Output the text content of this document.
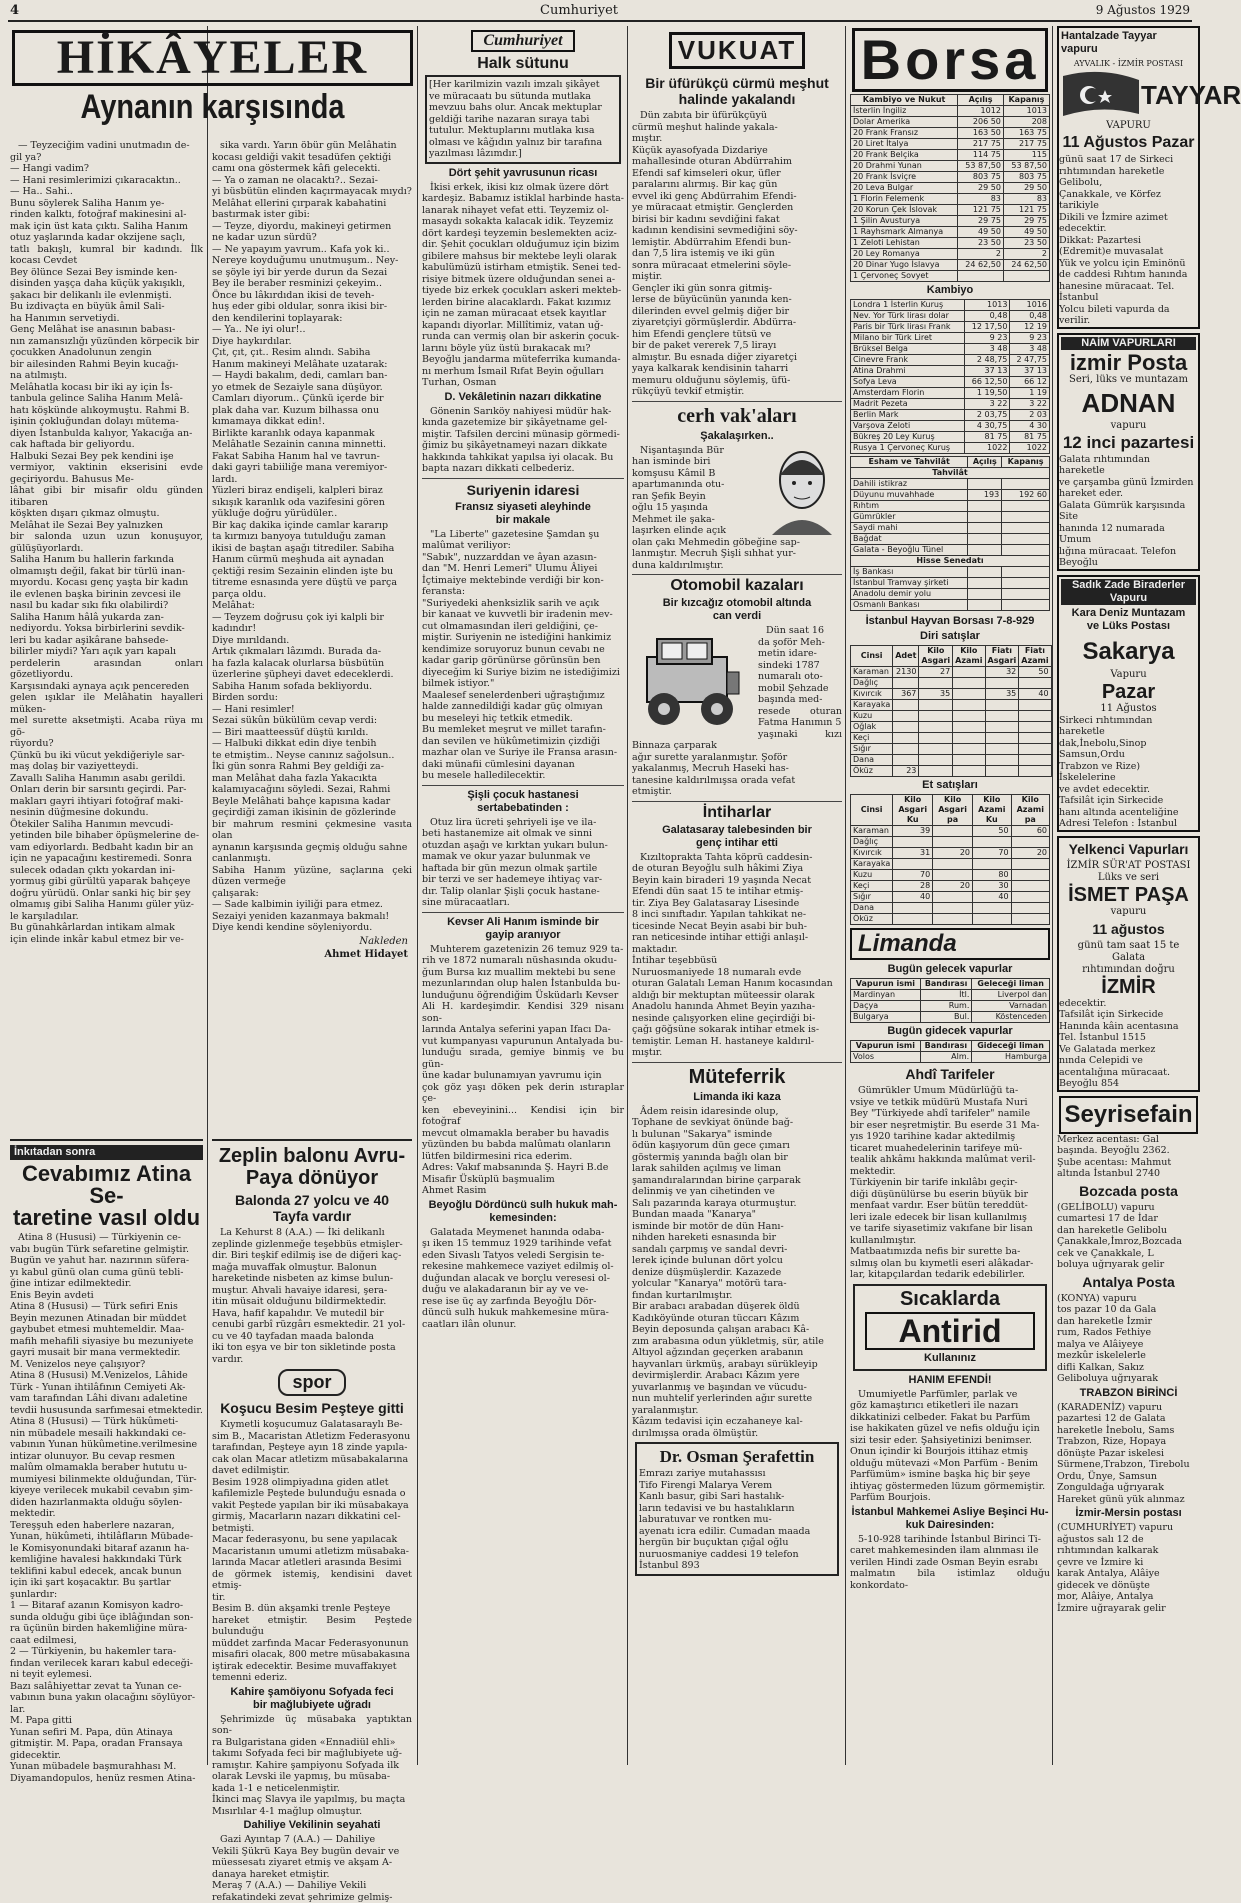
4	Cumhuriyet	9 Ağustos 1929
HİKÂYELER
Aynanın karşısında

— Teyzeciğim vadini unutmadın de-
gil ya?
— Hangi vadim?
— Hani resimlerimizi çıkaracaktın..
— Ha.. Sahi..
Bunu söylerek Saliha Hanım ye-
rinden kalktı, fotoğraf makinesini al-
mak için üst kata çıktı. Saliha Hanım
otuz yaşlarında kadar okzijene saçlı,
tatlı bakışlı, kumral bir kadındı. İlk kocası Cevdet
Bey ölünce Sezai Bey isminde ken-
disinden yaşça daha küçük yakışıklı,
şakacı bir delikanlı ile evlenmişti.
Bu izdivaçta en büyük âmil Sali-
ha Hanımın servetiydi.
Genç Melâhat ise anasının babası-
nın zamansızlığı yüzünden körpecik bir
çocukken Anadolunun zengin
bir ailesinden Rahmi Beyin kucağı-
na atılmıştı.
Melâhatla kocası bir iki ay için İs-
tanbula gelince Saliha Hanım Melâ-
hatı köşkünde alıkoymuştu. Rahmi B.
işinin çokluğundan dolayı mütema-
diyen İstanbulda kalıyor, Yakacığa an-
cak haftada bir geliyordu.
Halbuki Sezai Bey pek kendini işe
vermiyor, vaktinin ekserisini evde geçiriyordu. Bahusus Me-
lâhat gibi bir misafir oldu günden itibaren
köşkten dışarı çıkmaz olmuştu.
Melâhat ile Sezai Bey yalnızken
bir salonda uzun uzun konuşuyor, gülüşüyorlardı.
Saliha Hanım bu hallerin farkında
olmamıştı değil, fakat bir türlü inan-
mıyordu. Kocası genç yaşta bir kadın
ile evlenen başka birinin zevcesi ile
nasıl bu kadar sıkı fıkı olabilirdi?
Saliha Hanım hâlâ yukarda zan-
nediyordu. Yoksa birbirlerini sevdik-
leri bu kadar aşikârane bahsede-
bilirler miydi? Yarı açık yarı kapalı
perdelerin arasından onları gözetliyordu.
Karşısındaki aynaya açık pencereden
gelen ışıklar ile Melâhatin hayalleri müken-
mel surette aksetmişti. Acaba rüya mı gö-
rüyordu?
Çünkü bu iki vücut yekdiğeriyle sar-
maş dolaş bir vaziyetteydi.
Zavallı Saliha Hanımın asabı gerildi.
Onları derin bir sarsıntı geçirdi. Par-
makları gayri ihtiyari fotoğraf maki-
nesinin düğmesine dokundu.
Ötekiler Saliha Hanımın mevcudi-
yetinden bile bihaber öpüşmelerine de-
vam ediyorlardı. Bedbaht kadın bir an
için ne yapacağını kestiremedi. Sonra
sulecek odadan çıktı yokardan ini-
yormuş gibi gürültü yaparak bahçeye
doğru yürüdü. Onlar sanki hiç bir şey
olmamış gibi Saliha Hanımı güler yüz-
le karşıladılar.
Bu günahkârlardan intikam almak
için elinde inkâr kabul etmez bir ve-

sika vardı. Yarın öbür gün Melâhatin
kocası geldiği vakit tesadüfen çektiği
camı ona göstermek kâfi gelecekti.
— Ya o zaman ne olacaktı?.. Sezai-
yi büsbütün elinden kaçırmayacak mıydı?
Melâhat ellerini çırparak kabahatini
bastırmak ister gibi:
— Teyze, diyordu, makineyi getirmen
ne kadar uzun sürdü?
— Ne yapayım yavrum.. Kafa yok ki..
Nereye koyduğumu unutmuşum.. Ney-
se şöyle iyi bir yerde durun da Sezai
Bey ile beraber resminizi çekeyim..
Önce bu lâkırdıdan ikisi de teveh-
huş eder gibi oldular, sonra ikisi bir-
den kendilerini toplayarak:
— Ya.. Ne iyi olur!..
Diye haykırdılar.
Çıt, çıt, çıt.. Resim alındı. Sabiha
Hanım makineyi Melâhate uzatarak:
— Haydi bakalım, dedi, camları ban-
yo etmek de Sezaiyle sana düşüyor.
Camları diyorum.. Çünkü içerde bir
plak daha var. Kuzum bilhassa onu
kımamaya dikkat edin!.
Birlikte karanlık odaya kapanmak
Melâhatle Sezainin canına minnetti.
Fakat Sabiha Hanım hal ve tavrun-
daki gayri tabiiliğe mana veremiyor-
lardı.
Yüzleri biraz endişeli, kalpleri biraz
sıkışık karanlık oda vazifesini gören
yükluğe doğru yürüdüler..
Bir kaç dakika içinde camlar kararıp
ta kırmızı banyoya tutulduğu zaman
ikisi de baştan aşağı titrediler. Sabiha
Hanım cürmü meşhuda ait aynadan
çektiği resim Sezainin elinden işte bu
titreme esnasında yere düştü ve parça
parça oldu.
Melâhat:
— Teyzem doğrusu çok iyi kalpli bir
kadındır!
Diye mırıldandı.
Artık çıkmaları lâzımdı. Burada da-
ha fazla kalacak olurlarsa büsbütün
üzerlerine şüpheyi davet edeceklerdi.
Sabiha Hanım sofada bekliyordu.
Birden sordu:
— Hani resimler!
Sezai sükûn bükülüm cevap verdi:
— Biri maatteessüf düştü kırıldı.
— Halbuki dikkat edin diye tenbih
te etmiştim.. Neyse canınız sağolsun..
İki gün sonra Rahmi Bey geldiği za-
man Melâhat daha fazla Yakacıkta
kalamıyacağını söyledi. Sezai, Rahmi
Beyle Melâhati bahçe kapısına kadar
geçirdiği zaman ikisinin de gözlerinde
bir mahrum resmini çekmesine vasıta olan
aynanın karşısında geçmiş olduğu sahne
canlanmıştı.
Sabiha Hanım yüzüne, saçlarına çeki düzen vermeğe
çalışarak:
— Sade kalbimin iyiliği para etmez.
Sezaiyi yeniden kazanmaya bakmalı!
Diye kendi kendine söyleniyordu.

Nakleden
Ahmet Hidayet
İnkıtadan sonra
Cevabımız Atina Se-
taretine vasıl oldu

Atina 8 (Hususi) — Türkiyenin ce-
vabı bugün Türk sefaretine gelmiştir.
Bugün ve yahut har. nazırının süfera-
yı kabul günü olan cuma günü tebli-
ğine intizar edilmektedir.
Enis Beyin avdeti
Atina 8 (Hususi) — Türk sefiri Enis
Beyin mezunen Atinadan bir müddet
gaybubet etmesi muhtemeldir. Maa-
mafih mehafili siyasiye bu mezuniyete
gayri musait bir mana vermektedir.
M. Venizelos neye çalışıyor?
Atina 8 (Hususi) M.Venizelos, Lâhide
Türk - Yunan ihtilâfının Cemiyeti Ak-
vam tarafından Lâhi divanı adaletine
tevdii hususunda sarfımesai etmektedir.
Atina 8 (Hususi) — Türk hükûmeti-
nin mübadele mesaili hakkındaki ce-
vabının Yunan hükûmetine.verilmesine
intizar olunuyor. Bu cevap resmen
malûm olmamakla beraber hututu u-
mumiyesi bilinmekte olduğundan, Tür-
kiyeye verilecek mukabil cevabın şim-
diden hazırlanmakta olduğu söylen-
mektedir.
Tereşşuh eden haberlere nazaran,
Yunan, hükûmeti, ihtilâfların Mübade-
le Komisyonundaki bitaraf azanın ha-
kemliğine havalesi hakkındaki Türk
teklifini kabul edecek, ancak bunun
için iki şart koşacaktır. Bu şartlar
şunlardır:
1 — Bitaraf azanın Komisyon kadro-
sunda olduğu gibi üçe iblâğından son-
ra üçünün birden hakemliğine müra-
caat edilmesi,
2 — Türkiyenin, bu hakemler tara-
fından verilecek kararı kabul edeceği-
ni teyit eylemesi.
Bazı salâhiyettar zevat ta Yunan ce-
vabının buna yakın olacağını söylüyor-
lar.
M. Papa gitti
Yunan sefiri M. Papa, dün Atinaya
gitmiştir. M. Papa, oradan Fransaya
gidecektir.
Yunan mübadele başmurahhası M.
Diyamandopulos, henüz resmen Atina-

Zeplin balonu Avru-
Paya dönüyor
Balonda 27 yolcu ve 40
Tayfa vardır

La Kehurst 8 (A.A.) — İki delikanlı
zeplinde gizlenmeğe teşebbüs etmişler-
dir. Biri teşkif edilmiş ise de diğeri kaç-
mağa muvaffak olmuştur. Balonun
hareketinde nisbeten az kimse bulun-
muştur. Ahvali havaiye idaresi, şera-
itin müsait olduğunu bildirmektedir.
Hava, hafif kapalıdır. Ve mutedil bir
cenubi garbî rüzgârı esmektedir. 21 yol-
cu ve 40 tayfadan maada balonda
iki ton eşya ve bir ton sikletinde posta
vardır.

spor
Koşucu Besim Peşteye gitti

Kıymetli koşucumuz Galatasaraylı Be-
sim B., Macaristan Atletizm Federasyonu
tarafından, Peşteye ayın 18 zinde yapıla-
cak olan Macar atletizm müsabakalarına
davet edilmiştir.
Besim 1928 olimpiyadına giden atlet
kafilemizle Peştede bulunduğu esnada o
vakit Peştede yapılan bir iki müsabakaya
girmiş, Macarların nazarı dikkatini cel-
betmişti.
Macar federasyonu, bu sene yapılacak
Macaristanın umumi atletizm müsabaka-
larında Macar atletleri arasında Besimi
de görmek istemiş, kendisini davet etmiş-
tir.
Besim B. dün akşamki trenle Peşteye
hareket etmiştir. Besim Peştede bulunduğu
müddet zarfında Macar Federasyonunun
misafiri olacak, 800 metre müsabakasına
iştirak edecektir. Besime muvaffakıyet
temenni ederiz.

Kahire şamöiyonu Sofyada feci
bir mağlubiyete uğradı

Şehrimizde üç müsabaka yaptıktan son-
ra Bulgaristana giden «Ennadiül ehli»
takımı Sofyada feci bir mağlubiyete uğ-
ramıştır. Kahire şampiyonu Sofyada ilk
olarak Levski ile yapmış, bu müsaba-
kada 1-1 e neticelenmiştir.
İkinci maç Slavya ile yapılmış, bu maçta
Mısırlılar 4-1 mağlup olmuştur.

Dahiliye Vekilinin seyahati

Gazi Ayıntap 7 (A.A.) — Dahiliye
Vekili Şükrü Kaya Bey bugün devair ve
müessesatı ziyaret etmiş ve akşam A-
danaya hareket etmiştir.
Meraş 7 (A.A.) — Dahiliye Vekili
refakatindeki zevat şehrimize gelmiş-

Cumhuriyet
Halk sütunu

[Her karilmizin vazılı imzalı şikâyet
ve müracaatı bu sütunda mutlaka
mevzuu bahs olur. Ancak mektuplar
geldiği tarihe nazaran sıraya tabi
tutulur. Mektuplarını mutlaka kısa
olması ve kâğıdın yalnız bir tarafına
yazılması lâzımdır.]

Dört şehit yavrusunun ricası

İkisi erkek, ikisi kız olmak üzere dört
kardeşiz. Babamız istiklal harbinde hasta-
lanarak nihayet vefat etti. Teyzemiz ol-
masaydı sokakta kalacak idik. Teyzemiz
dört kardeşi teyzemin beslemekten aciz-
dir. Şehit çocukları olduğumuz için bizim
gibilere mahsus bir mektebe leyli olarak
kabulümüzü istirham etmiştik. Senei ted-
risiye bitmek üzere olduğundan senei a-
tiyede biz erkek çocukları askeri mekteb-
lerden birine alacaklardı. Fakat kızımız
için ne zaman müracaat etsek kayıtlar
kapandı diyorlar. Millîtimiz, vatan uğ-
runda can vermiş olan bir askerin çocuk-
larını böyle yüz üstü bırakacak mı?
Beyoğlu jandarma müteferrika kumanda-
nı merhum İsmail Rıfat Beyin oğulları
Turhan, Osman

D. Vekâletinin nazarı dikkatine

Gönenin Sarıköy nahiyesi müdür hak-
kında gazetemize bir şikâyetname gel-
miştir. Tafsilen dercini münasip görmedi-
ğimiz bu şikâyetnameyi nazarı dikkate
hakkında tahkikat yapılsa iyi olacak. Bu
bapta nazarı dikkati celbederiz.

Suriyenin idaresi
Fransız siyaseti aleyhinde
bir makale

"La Liberte" gazetesine Şamdan şu
malûmat veriliyor:
"Sabık", nuzzarddan ve âyan azasın-
dan "M. Henri Lemeri" Ulumu Âliyei
İçtimaiye mektebinde verdiği bir kon-
feransta:
"Suriyedeki ahenksizlik sarih ve açık
bir kanaat ve kuvvetli bir iradenin mev-
cut olmamasından ileri geldiğini, çe-
miştir. Suriyenin ne istediğini hankimiz
kendimize soruyoruz bunun cevabı ne
kadar garip görünürse görünsün ben
diyeceğim ki Suriye bizim ne istediğimizi
bilmek istiyor."
Maalesef senelerdenberi uğraştığımız
halde zannedildiği kadar güç olmıyan
bu meseleyi hiç tetkik etmedik.
Bu memleket meşrut ve millet tarafın-
dan sevilen ve hükûmetimizin çizdiği
mazhar olan ve Suriye ile Fransa arasın-
daki münafii cümlesini dayanan
bu mesele halledilecektir.

Şişli çocuk hastanesi
sertabebatinden :

Otuz lira ücreti şehriyeli işe ve ila-
beti hastanemize ait olmak ve sinni
otuzdan aşağı ve kırktan yukarı bulun-
mamak ve okur yazar bulunmak ve
haftada bir gün mezun olmak şartile
bir terzi ve ser hademeye ihtiyaç var-
dır. Talip olanlar Şişli çocuk hastane-
sine müracaatları.

Kevser Ali Hanım isminde bir
gayip aranıyor

Muhterem gazetenizin 26 temuz 929 ta-
rih ve 1872 numaralı nüshasında okudu-
ğum Bursa kız muallim mektebi bu sene
mezunlarından olup halen İstanbulda bu-
lunduğunu öğrendiğim Üsküdarlı Kevser
Ali H. kardeşimdir. Kendisi 329 nisanı son-
larında Antalya seferini yapan Ifacı Da-
vut kumpanyası vapurunun Antalyada bu-
lunduğu sırada, gemiye binmiş ve bu gün-
üne kadar bulunamıyan yavrumu için
çok göz yaşı döken pek derin ıstıraplar çe-
ken ebeveyinini... Kendisi için bir fotoğraf
mevcut olmamakla beraber bu havadis
yüzünden bu babda malûmatı olanların
lütfen bildirmesini rica ederim.
Adres: Vakıf mabsanında Ş. Hayri B.de
Misafir Üsküplü başmualim
Ahmet Rasim

Beyoğlu Dördüncü sulh hukuk mah-
kemesinden:

Galatada Meymenet hanında odaba-
şı iken 15 temmuz 1929 tarihinde vefat
eden Sivaslı Tatyos veledi Sergisin te-
rekesine mahkemece vaziyet edilmiş ol-
duğundan alacak ve borçlu veresesi ol-
duğu ve alakadaranın bir ay ve ve-
rese ise üç ay zarfında Beyoğlu Dör-
düncü sulh hukuk mahkemesine müra-
caatları ilân olunur.

VUKUAT
Bir üfürükçü cürmü meşhut
halinde yakalandı

Dün zabıta bir üfürükçüyü
cürmü meşhut halinde yakala-
mıştır.
Küçük ayasofyada Dizdariye
mahallesinde oturan Abdürrahim
Efendi saf kimseleri okur, üfler
paralarını alırmış. Bir kaç gün
evvel iki genç Abdürrahim Efendi-
ye müracaat etmiştir. Gençlerden
birisi bir kadını sevdiğini fakat
kadının kendisini sevmediğini söy-
lemiştir. Abdürrahim Efendi bun-
dan 7,5 lira istemiş ve iki gün
sonra müracaat etmelerini söyle-
miştir.
Gençler iki gün sonra gitmiş-
lerse de büyücünün yanında ken-
dilerinden evvel gelmiş diğer bir
ziyaretçiyi görmüşlerdir. Abdürra-
him Efendi gençlere tütsü ve
bir de paket vererek 7,5 lirayı
almıştır. Bu esnada diğer ziyaretçi
yaya kalkarak kendisinin taharri
memuru olduğunu söylemiş, üfü-
rükçüyü tevkif etmiştir.

cerh vak'aları
Şakalaşırken..

Nişantaşında Bür
han isminde biri
komşusu Kâmil B
apartımanında otu-
ran Şefik Beyin
oğlu 15 yaşında
Mehmet ile şaka-
laşırken elinde açık
olan çakı Mehmedin göbeğine sap-
lanmıştır. Mecruh Şişli sıhhat yur-
duna kaldırılmıştır.

Otomobil kazaları
Bir kızcağız otomobil altında
can verdi

Dün saat 16
da şoför Meh-
metin idare-
sindeki 1787
numaralı oto-
mobil Şehzade
başında med-
resede oturan Fatma Hanımın 5
yaşınaki kızı Binnaza çarparak
ağır surette yaralanmıştır. Şoför
yakalanmış, Mecruh Haseki has-
tanesine kaldırılmışsa orada vefat
etmiştir.

İntiharlar
Galatasaray talebesinden bir
genç intihar etti

Kızıltoprakta Tahta köprü caddesin-
de oturan Beyoğlu sulh hâkimi Ziya
Beyin kain biraderi 19 yaşında Necat
Efendi dün saat 15 te intihar etmiş-
tir. Ziya Bey Galatasaray Lisesinde
8 inci sınıftadır. Yapılan tahkikat ne-
ticesinde Necat Beyin asabi bir buh-
ran neticesinde intihar ettiği anlaşıl-
maktadır.
İntihar teşebbüsü
Nuruosmaniyede 18 numaralı evde
oturan Galatalı Leman Hanım kocasından
aldığı bir mektuptan müteessir olarak
Anadolu hanında Ahmet Beyin yazıha-
nesinde çalışyorken eline geçirdiği bi-
çağı göğsüne sokarak intihar etmek is-
temiştir. Leman H. hastaneye kaldırıl-
mıştır.

Müteferrik
Limanda iki kaza

Âdem reisin idaresinde olup,
Tophane de sevkiyat önünde bağ-
lı bulunan "Sakarya" isminde
ödün kaşıyorum dün gece çımarı
göstermiş yanında bağlı olan bir
larak sahilden açılmış ve liman
şamandıralarından birine çarparak
delinmiş ve yan cihetinden ve
Salı pazarında karaya oturmuştur.
Bundan maada "Kanarya"
isminde bir motör de dün Hanı-
nihden hareketi esnasında bir
sandalı çarpmış ve sandal devri-
lerek içinde bulunan dört yolcu
denize düşmüşlerdir. Kazazede
yolcular "Kanarya" motörü tara-
fından kurtarılmıştır.
Bir arabacı arabadan düşerek öldü
Kadıköyünde oturan tüccarı Kâzım
Beyin deposunda çalışan arabacı Kâ-
zım arabasına odun yükletmiş, sür, atile
Altıyol ağzından geçerken arabanın
hayvanları ürkmüş, arabayı sürükleyip
devirmişlerdir. Arabacı Kâzım yere
yuvarlanmış ve başından ve vücudu-
nun muhtelif yerlerinden ağır surette
yaralanmıştır.
Kâzım tedavisi için eczahaneye kal-
dırılmışsa orada ölmüştür.

Dr. Osman Şerafettin

Emrazı zariye mutahassısı
Tifo Firengi Malarya Verem
Kanlı basur, gibi Sari hastalık-
ların tedavisi ve bu hastalıkların
laburatuvar ve rontken mu-
ayenatı icra edilir. Cumadan maada
hergün bir buçuktan çığal oğlu
nuruosmaniye caddesi 19 telefon
İstanbul 893

Borsa
Kambiyo ve Nukut	Açılış	Kapanış
İsterlin İngiliz	1012	1013
Dolar Amerika	206 50	208
20 Frank Fransız	163 50	163 75
20 Liret İtalya	217 75	217 75
20 Frank Belçika	114 75	115
20 Drahmi Yunan	53 87,50	53 87,50
20 Frank İsviçre	803 75	803 75
20 Leva Bulgar	29 50	29 50
1 Florin Felemenk	83	83
20 Korun Çek İslovak	121 75	121 75
1 Şilin Avusturya	29 75	29 75
1 Rayhsmark Almanya	49 50	49 50
1 Zeloti Lehistan	23 50	23 50
20 Ley Romanya	2	2
20 Dinar Yugo İslavya	24 62,50	24 62,50
1 Çervoneç Sovyet		
Kambiyo
Londra 1 İsterlin Kuruş	1013	1016
Nev. Yor Türk lirası dolar	0,48	0,48
Paris bir Türk lirası Frank	12 17,50	12 19
Milano bir Türk Liret	9 23	9 23
Brüksel Belga	3 48	3 48
Cinevre Frank	2 48,75	2 47,75
Atina Drahmi	37 13	37 13
Sofya Leva	66 12,50	66 12
Amsterdam Florin	1 19,50	1 19
Madrit Pezeta	3 22	3 22
Berlin Mark	2 03,75	2 03
Varşova Zeloti	4 30,75	4 30
Bükreş 20 Ley Kuruş	81 75	81 75
Rusya 1 Çervoneç Kuruş	1022	1022
Esham ve Tahvilât	Açılış	Kapanış
Tahvilât		
Dahili istikraz		
Düyunu muvahhade	193	192 60
Rıhtım		
Gümrükler		
Saydi mahi		
Bağdat		
Galata - Beyoğlu Tünel		
Hisse Senedatı		
İş Bankası		
İstanbul Tramvay şirketi		
Anadolu demir yolu		
Osmanlı Bankası		
İstanbul Hayvan Borsası 7-8-929
Diri satışlar
Cinsi	Adet	Kilo Asgari	Kilo Azami	Fiatı Asgari	Fiatı Azami
Karaman	2130	27		32	50
Dağlıç					
Kıvırcık	367	35		35	40
Karayaka					
Kuzu					
Oğlak					
Keçi					
Sığır					
Dana					
Öküz	23				
Et satışları
Cinsi	Kilo Asgari Ku	Kilo Asgari pa	Kilo Azami Ku	Kilo Azami pa
Karaman	39		50	60
Dağlıç				
Kıvırcık	31	20	70	20
Karayaka				
Kuzu	70		80	
Keçi	28	20	30	
Sığır	40		40	
Dana				
Öküz				
Limanda
Bugün gelecek vapurlar
Vapurun ismi	Bandırası	Geleceği liman
Mardinyan	İtl.	Liverpol dan
Daçya	Rum.	Varnadan
Bulgarya	Bul.	Köstenceden
Bugün gidecek vapurlar
Vapurun ismi	Bandırası	Gideceği liman
Volos	Alm.	Hamburga
Ahdî Tarifeler

Gümrükler Umum Müdürlüğü ta-
vsiye ve tetkik müdürü Mustafa Nuri
Bey "Türkiyede ahdî tarifeler" namile
bir eser neşretmiştir. Bu eserde 31 Ma-
yıs 1920 tarihine kadar aktedilmiş
ticaret muahedelerinin tarifeye mü-
tealik ahkâmı hakkında malûmat veril-
mektedir.
Türkiyenin bir tarife inkılâbı geçir-
diği düşünülürse bu eserin büyük bir
menfaat vardır. Eser bütün tereddüt-
leri izale edecek bir lisan kullanılmış
ve tarife siyasetimiz vakıfane bir lisan
kullanılmıştır.
Matbaatımızda nefis bir surette ba-
sılmış olan bu kıymetli eseri alâkadar-
lar, kitapçılardan tedarik edebilirler.

Sıcaklarda
Antirid
Kullanınız
HANIM EFENDİ!

Umumiyetle Parfümler, parlak ve
göz kamaştırıcı etiketleri ile nazarı
dikkatinizi celbeder. Fakat bu Parfüm
ise hakikaten güzel ve nefis olduğu için
sizi tesir eder. Şahsiyetinizi benimser.
Onun içindir ki Bourjois ittihaz etmiş
olduğu mütevazi «Mon Parfüm - Benim
Parfümüm» ismine başka hiç bir şeye
ihtiyaç göstermeden lüzum görmemiştir.
Parfüm Bourjois.

İstanbul Mahkemei Asliye Beşinci Hu-
kuk Dairesinden:

5-10-928 tarihinde İstanbul Birinci Ti-
caret mahkemesinden ilam alınması ile
verilen Hindi zade Osman Beyin esrabı
malmatın bila istimlaz olduğu konkordato-

Hantalzade Tayyar vapuru
AYVALIK - İZMİR POSTASI
TAYYAR
VAPURU
11 Ağustos Pazar

günü saat 17 de Sirkeci
rıhtımından hareketle Gelibolu,
Çanakkale, ve Körfez tarikiyle
Dikili ve İzmire azimet
edecektir.
Dikkat: Pazartesi
(Edremit)e muvasalat
Yük ve yolcu için Eminönü
de caddesi Rıhtım hanında
hanesine müracaat. Tel. İstanbul
Yolcu bileti vapurda da verilir.

NAİM VAPURLARI
izmir Posta
Seri, lüks ve muntazam
ADNAN
vapuru
12 inci pazartesi

Galata rıhtımından hareketle
ve çarşamba günü İzmirden
hareket eder.
Galata Gümrük karşısında Site
hanında 12 numarada Umum
lığına müracaat. Telefon Beyoğlu

Sadık Zade Biraderler Vapuru
Kara Deniz Muntazam
ve Lüks Postası
Sakarya
Vapuru
Pazar
11 Ağustos

Sirkeci rıhtımından hareketle
dak,İnebolu,Sinop Samsun,Ordu
Trabzon ve Rize) İskelelerine
ve avdet edecektir.
Tafsilât için Sirkecide
hanı altında acenteliğine
Adresi Telefon : İstanbul

Yelkenci Vapurları
İZMİR SÜR'AT POSTASI
Lüks ve seri
İSMET PAŞA
vapuru
11 ağustos
günü tam saat 15 te Galata
rıhtımından doğru
İZMİR

edecektir.
Tafsilât için Sirkecide
Hanında kâin acentasına
Tel. İstanbul 1515
Ve Galatada merkez
nında Celepidi ve
acentalığına müracaat.
Beyoğlu 854

Seyrisefain

Merkez acentası: Gal
başında. Beyoğlu 2362.
Şube acentası: Mahmut
altında İstanbul 2740

Bozcada posta

(GELİBOLU) vapuru
cumartesi 17 de İdar
dan hareketle Gelibolu
Çanakkale,İmroz,Bozcada
cek ve Çanakkale, L
boluya uğrıyarak gelir

Antalya Posta

(KONYA) vapuru
tos pazar 10 da Gala
dan hareketle İzmir
rum, Rados Fethiye
malya ve Alâiyeye
mezkûr iskelelerle
difli Kalkan, Sakız
Geliboluya uğrıyarak

TRABZON BİRİNCİ

(KARADENİZ) vapuru
pazartesi 12 de Galata
hareketle İnebolu, Sams
Trabzon, Rize, Hopaya
dönüşte Pazar iskelesi
Sürmene,Trabzon, Tirebolu
Ordu, Ünye, Samsun
Zonguldağa uğrıyarak
Hareket günü yük alınmaz

İzmir-Mersin postası

(CUMHURİYET) vapuru
ağustos salı 12 de
rıhtımından kalkarak
çevre ve İzmire ki
karak Antalya, Alâiye
gidecek ve dönüşte
mor, Alâiye, Antalya
İzmire uğrayarak gelir
